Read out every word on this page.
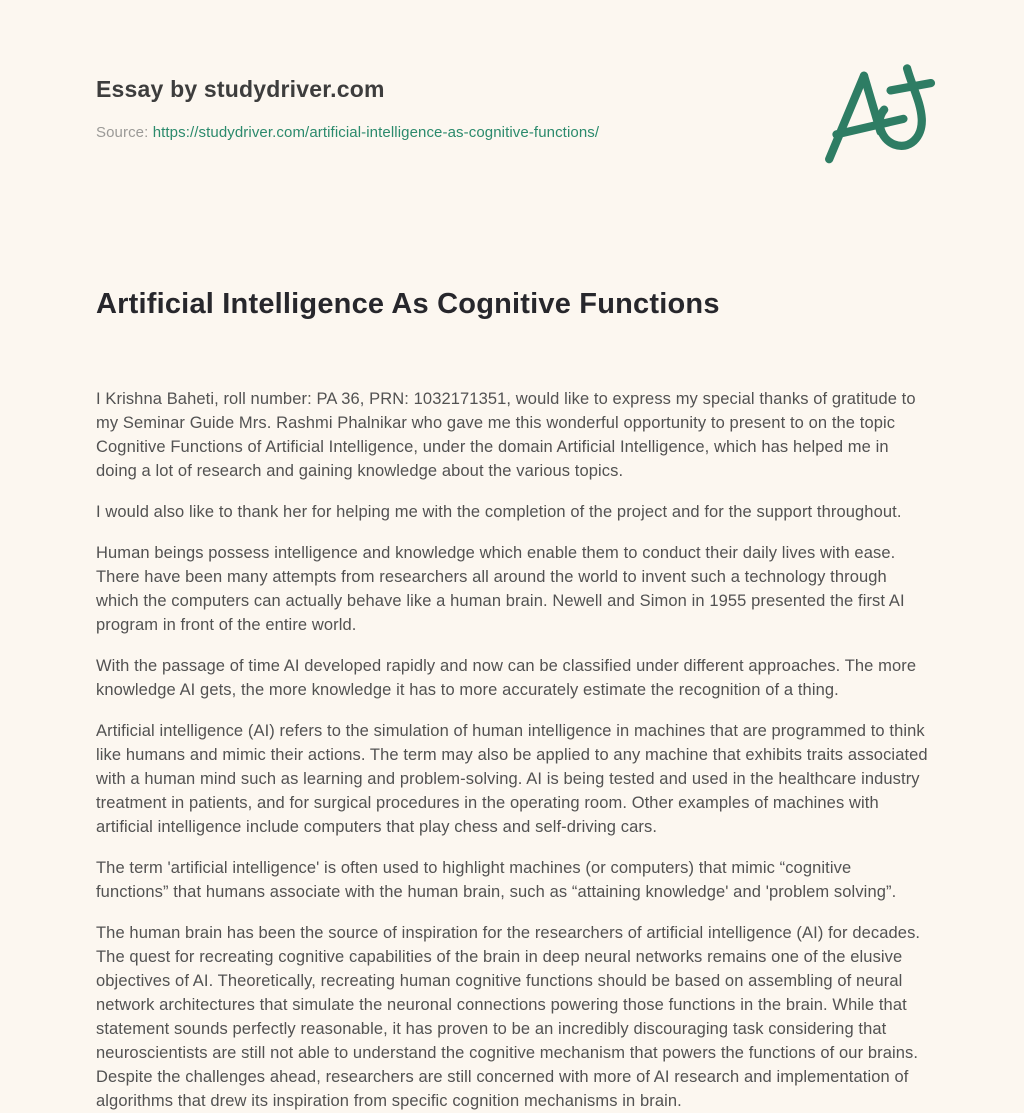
Essay by studydriver.com
Source: https://studydriver.com/artificial-intelligence-as-cognitive-functions/
Artificial Intelligence As Cognitive Functions

I Krishna Baheti, roll number: PA 36, PRN: 1032171351, would like to express my special thanks of gratitude to my Seminar Guide Mrs. Rashmi Phalnikar who gave me this wonderful opportunity to present to on the topic Cognitive Functions of Artificial Intelligence, under the domain Artificial Intelligence, which has helped me in doing a lot of research and gaining knowledge about the various topics.

I would also like to thank her for helping me with the completion of the project and for the support throughout.

Human beings possess intelligence and knowledge which enable them to conduct their daily lives with ease. There have been many attempts from researchers all around the world to invent such a technology through which the computers can actually behave like a human brain. Newell and Simon in 1955 presented the first AI program in front of the entire world.

With the passage of time AI developed rapidly and now can be classified under different approaches. The more knowledge AI gets, the more knowledge it has to more accurately estimate the recognition of a thing.

Artificial intelligence (AI) refers to the simulation of human intelligence in machines that are programmed to think like humans and mimic their actions. The term may also be applied to any machine that exhibits traits associated with a human mind such as learning and problem-solving. AI is being tested and used in the healthcare industry treatment in patients, and for surgical procedures in the operating room. Other examples of machines with artificial intelligence include computers that play chess and self-driving cars.

The term 'artificial intelligence' is often used to highlight machines (or computers) that mimic “cognitive functions” that humans associate with the human brain, such as “attaining knowledge' and 'problem solving”.

The human brain has been the source of inspiration for the researchers of artificial intelligence (AI) for decades. The quest for recreating cognitive capabilities of the brain in deep neural networks remains one of the elusive objectives of AI. Theoretically, recreating human cognitive functions should be based on assembling of neural network architectures that simulate the neuronal connections powering those functions in the brain. While that statement sounds perfectly reasonable, it has proven to be an incredibly discouraging task considering that neuroscientists are still not able to understand the cognitive mechanism that powers the functions of our brains. Despite the challenges ahead, researchers are still concerned with more of AI research and implementation of algorithms that drew its inspiration from specific cognition mechanisms in brain.
